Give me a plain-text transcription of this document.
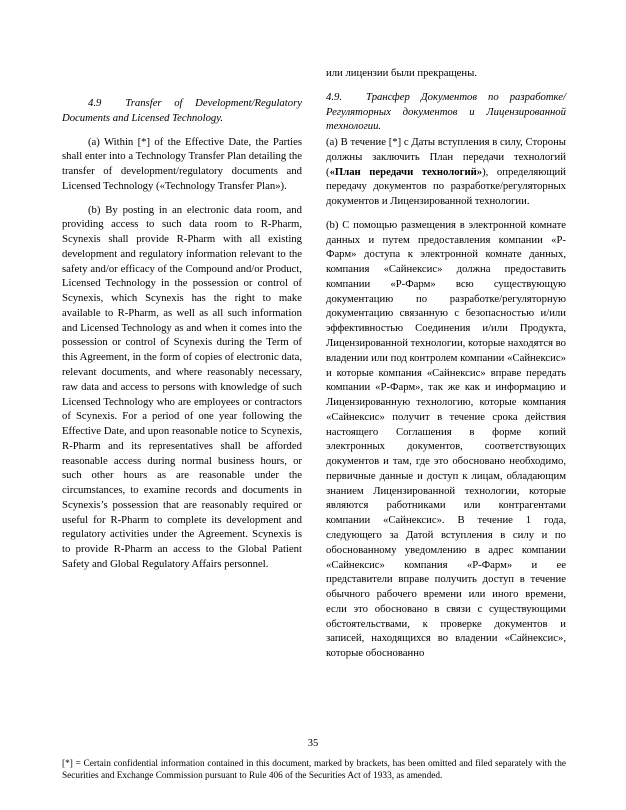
4.9 Transfer of Development/Regulatory Documents and Licensed Technology.

(a) Within [*] of the Effective Date, the Parties shall enter into a Technology Transfer Plan detailing the transfer of development/regulatory documents and Licensed Technology («Technology Transfer Plan»).

(b) By posting in an electronic data room, and providing access to such data room to R-Pharm, Scynexis shall provide R-Pharm with all existing development and regulatory information relevant to the safety and/or efficacy of the Compound and/or Product, Licensed Technology in the possession or control of Scynexis, which Scynexis has the right to make available to R-Pharm, as well as all such information and Licensed Technology as and when it comes into the possession or control of Scynexis during the Term of this Agreement, in the form of copies of electronic data, relevant documents, and where reasonably necessary, raw data and access to persons with knowledge of such Licensed Technology who are employees or contractors of Scynexis. For a period of one year following the Effective Date, and upon reasonable notice to Scynexis, R-Pharm and its representatives shall be afforded reasonable access during normal business hours, or such other hours as are reasonable under the circumstances, to examine records and documents in Scynexis’s possession that are reasonably required or useful for R-Pharm to complete its development and regulatory activities under the Agreement. Scynexis is to provide R-Pharm an access to the Global Patient Safety and Global Regulatory Affairs personnel.

или лицензии были прекращены.

4.9. Трансфер Документов по разработке/Регуляторных документов и Лицензированной технологии.

(а) В течение [*] с Даты вступления в силу, Стороны должны заключить План передачи технологий («План передачи технологий»), определяющий передачу документов по разработке/регуляторных документов и Лицензированной технологии.

(b) С помощью размещения в электронной комнате данных и путем предоставления компании «Р-Фарм» доступа к электронной комнате данных, компания «Сайнексис» должна предоставить компании «Р-Фарм» всю существующую документацию по разработке/регуляторную документацию связанную с безопасностью и/или эффективностью Соединения и/или Продукта, Лицензированной технологии, которые находятся во владении или под контролем компании «Сайнексис» и которые компания «Сайнексис» вправе передать компании «Р-Фарм», так же как и информацию и Лицензированную технологию, которые компания «Сайнексис» получит в течение срока действия настоящего Соглашения в форме копий электронных документов, соответствующих документов и там, где это обосновано необходимо, первичные данные и доступ к лицам, обладающим знанием Лицензированной технологии, которые являются работниками или контрагентами компании «Сайнексис». В течение 1 года, следующего за Датой вступления в силу и по обоснованному уведомлению в адрес компании «Сайнексис» компания «Р-Фарм» и ее представители вправе получить доступ в течение обычного рабочего времени или иного времени, если это обосновано в связи с существующими обстоятельствами, к проверке документов и записей, находящихся во владении «Сайнексис», которые обоснованно

35
[*] = Certain confidential information contained in this document, marked by brackets, has been omitted and filed separately with the Securities and Exchange Commission pursuant to Rule 406 of the Securities Act of 1933, as amended.
